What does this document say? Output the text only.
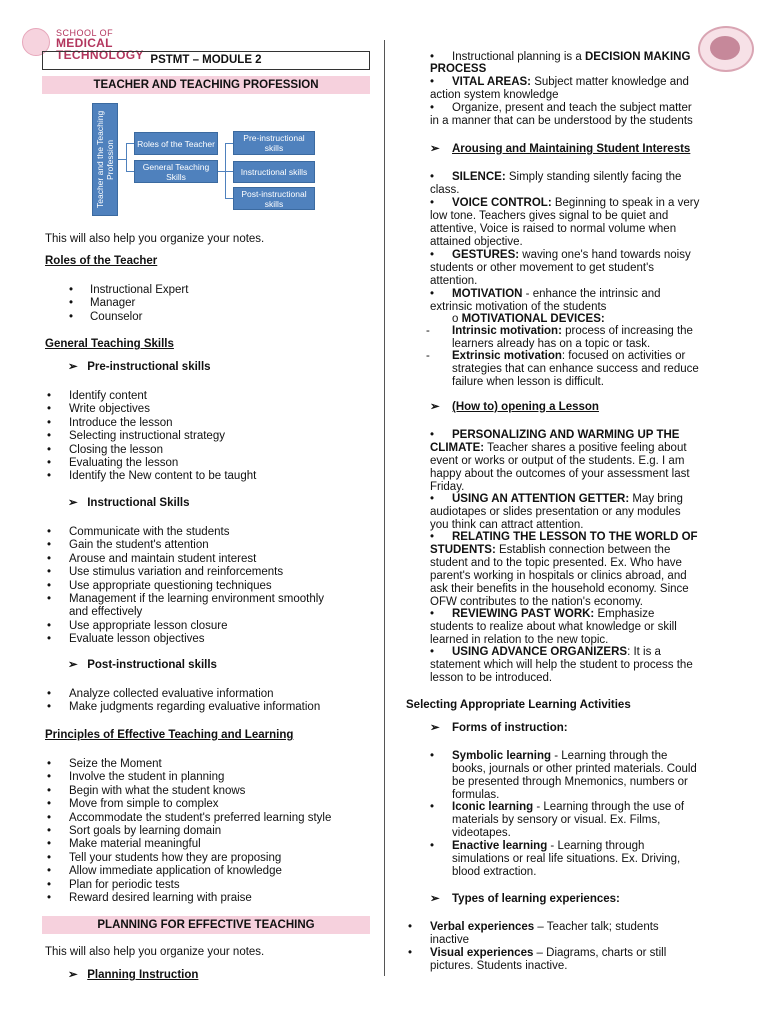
SCHOOL OF
MEDICAL TECHNOLOGY PSTMT – MODULE 2
TEACHER AND TEACHING PROFESSION
Teacher and the Teaching Profession	Roles of the Teacher
General Teaching Skills
Pre-instructional skills
Instructional skills
Post-instructional skills
This will also help you organize your notes.
Roles of the Teacher
• Instructional Expert
• Manager
• Counselor
General Teaching Skills
➢ Pre-instructional skills
• Identify content
• Write objectives
• Introduce the lesson
• Selecting instructional strategy
• Closing the lesson
• Evaluating the lesson
• Identify the New content to be taught
➢ Instructional Skills
• Communicate with the students
• Gain the student's attention
• Arouse and maintain student interest
• Use stimulus variation and reinforcements
• Use appropriate questioning techniques
• Management if the learning environment smoothly
and effectively
• Use appropriate lesson closure
• Evaluate lesson objectives
➢ Post-instructional skills
• Analyze collected evaluative information
• Make judgments regarding evaluative information
Principles of Effective Teaching and Learning
• Seize the Moment
• Involve the student in planning
• Begin with what the student knows
• Move from simple to complex
• Accommodate the student's preferred learning style
• Sort goals by learning domain
• Make material meaningful
• Tell your students how they are proposing
• Allow immediate application of knowledge
• Plan for periodic tests
• Reward desired learning with praise
PLANNING FOR EFFECTIVE TEACHING
This will also help you organize your notes.
➢ Planning Instruction
• Instructional planning is a DECISION MAKING
PROCESS
• VITAL AREAS: Subject matter knowledge and
action system knowledge
• Organize, present and teach the subject matter
in a manner that can be understood by the students
➢ Arousing and Maintaining Student Interests
• SILENCE: Simply standing silently facing the
class.
• VOICE CONTROL: Beginning to speak in a very
low tone. Teachers gives signal to be quiet and
attentive, Voice is raised to normal volume when
attained objective.
• GESTURES: waving one's hand towards noisy
students or other movement to get student's
attention.
• MOTIVATION - enhance the intrinsic and
extrinsic motivation of the students
o MOTIVATIONAL DEVICES:
- Intrinsic motivation: process of increasing the
learners already has on a topic or task.
- Extrinsic motivation: focused on activities or
strategies that can enhance success and reduce
failure when lesson is difficult.
➢ (How to) opening a Lesson
• PERSONALIZING AND WARMING UP THE
CLIMATE: Teacher shares a positive feeling about
event or works or output of the students. E.g. I am
happy about the outcomes of your assessment last
Friday.
• USING AN ATTENTION GETTER: May bring
audiotapes or slides presentation or any modules
you think can attract attention.
• RELATING THE LESSON TO THE WORLD OF
STUDENTS: Establish connection between the
student and to the topic presented. Ex. Who have
parent's working in hospitals or clinics abroad, and
ask their benefits in the household economy. Since
OFW contributes to the nation's economy.
• REVIEWING PAST WORK: Emphasize
students to realize about what knowledge or skill
learned in relation to the new topic.
• USING ADVANCE ORGANIZERS: It is a
statement which will help the student to process the
lesson to be introduced.
Selecting Appropriate Learning Activities
➢ Forms of instruction:
• Symbolic learning - Learning through the
books, journals or other printed materials. Could
be presented through Mnemonics, numbers or
formulas.
• Iconic learning - Learning through the use of
materials by sensory or visual. Ex. Films,
videotapes.
• Enactive learning - Learning through
simulations or real life situations. Ex. Driving,
blood extraction.
➢ Types of learning experiences:
• Verbal experiences – Teacher talk; students
inactive
• Visual experiences – Diagrams, charts or still
pictures. Students inactive.
